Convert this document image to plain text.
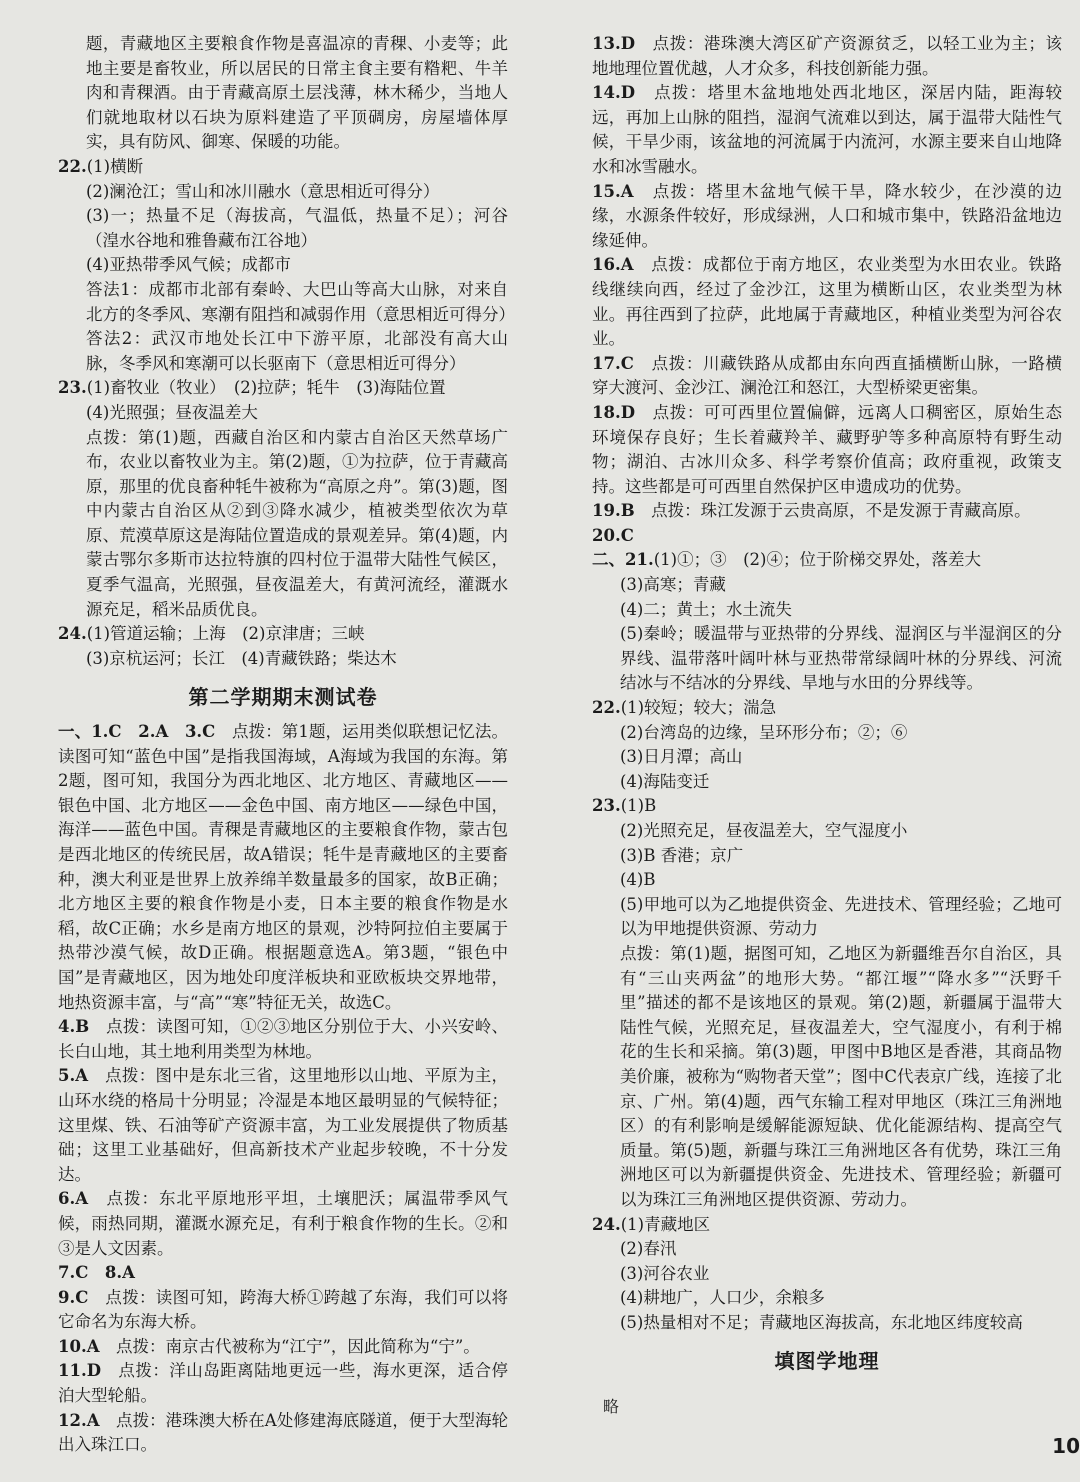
题，青藏地区主要粮食作物是喜温凉的青稞、小麦等；此地主要是畜牧业，所以居民的日常主食主要有糌粑、牛羊肉和青稞酒。由于青藏高原土层浅薄，林木稀少，当地人们就地取材以石块为原料建造了平顶碉房，房屋墙体厚实，具有防风、御寒、保暖的功能。

22.(1)横断

(2)澜沧江；雪山和冰川融水（意思相近可得分）

(3)一；热量不足（海拔高，气温低，热量不足）；河谷（湟水谷地和雅鲁藏布江谷地）

(4)亚热带季风气候；成都市

答法1：成都市北部有秦岭、大巴山等高大山脉，对来自北方的冬季风、寒潮有阻挡和减弱作用（意思相近可得分）

答法2：武汉市地处长江中下游平原，北部没有高大山脉，冬季风和寒潮可以长驱南下（意思相近可得分）

23.(1)畜牧业（牧业）　(2)拉萨；牦牛　(3)海陆位置

(4)光照强；昼夜温差大

点拨：第(1)题，西藏自治区和内蒙古自治区天然草场广布，农业以畜牧业为主。第(2)题，①为拉萨，位于青藏高原，那里的优良畜种牦牛被称为“高原之舟”。第(3)题，图中内蒙古自治区从②到③降水减少，植被类型依次为草原、荒漠草原这是海陆位置造成的景观差异。第(4)题，内蒙古鄂尔多斯市达拉特旗的四村位于温带大陆性气候区，夏季气温高，光照强，昼夜温差大，有黄河流经，灌溉水源充足，稻米品质优良。

24.(1)管道运输；上海　(2)京津唐；三峡

(3)京杭运河；长江　(4)青藏铁路；柴达木

第二学期期末测试卷

一、1.C　2.A　3.C　点拨：第1题，运用类似联想记忆法。读图可知“蓝色中国”是指我国海域，A海域为我国的东海。第2题，图可知，我国分为西北地区、北方地区、青藏地区——银色中国、北方地区——金色中国、南方地区——绿色中国，海洋——蓝色中国。青稞是青藏地区的主要粮食作物，蒙古包是西北地区的传统民居，故A错误；牦牛是青藏地区的主要畜种，澳大利亚是世界上放养绵羊数量最多的国家，故B正确；北方地区主要的粮食作物是小麦，日本主要的粮食作物是水稻，故C正确；水乡是南方地区的景观，沙特阿拉伯主要属于热带沙漠气候，故D正确。根据题意选A。第3题，“银色中国”是青藏地区，因为地处印度洋板块和亚欧板块交界地带，地热资源丰富，与“高”“寒”特征无关，故选C。

4.B　点拨：读图可知，①②③地区分别位于大、小兴安岭、长白山地，其土地利用类型为林地。

5.A　点拨：图中是东北三省，这里地形以山地、平原为主，山环水绕的格局十分明显；冷湿是本地区最明显的气候特征；这里煤、铁、石油等矿产资源丰富，为工业发展提供了物质基础；这里工业基础好，但高新技术产业起步较晚，不十分发达。

6.A　点拨：东北平原地形平坦，土壤肥沃；属温带季风气候，雨热同期，灌溉水源充足，有利于粮食作物的生长。②和③是人文因素。

7.C　8.A

9.C　点拨：读图可知，跨海大桥①跨越了东海，我们可以将它命名为东海大桥。

10.A　点拨：南京古代被称为“江宁”，因此简称为“宁”。

11.D　点拨：洋山岛距离陆地更远一些，海水更深，适合停泊大型轮船。

12.A　点拨：港珠澳大桥在A处修建海底隧道，便于大型海轮出入珠江口。

13.D　点拨：港珠澳大湾区矿产资源贫乏，以轻工业为主；该地地理位置优越，人才众多，科技创新能力强。

14.D　点拨：塔里木盆地地处西北地区，深居内陆，距海较远，再加上山脉的阻挡，湿润气流难以到达，属于温带大陆性气候，干旱少雨，该盆地的河流属于内流河，水源主要来自山地降水和冰雪融水。

15.A　点拨：塔里木盆地气候干旱，降水较少，在沙漠的边缘，水源条件较好，形成绿洲，人口和城市集中，铁路沿盆地边缘延伸。

16.A　点拨：成都位于南方地区，农业类型为水田农业。铁路线继续向西，经过了金沙江，这里为横断山区，农业类型为林业。再往西到了拉萨，此地属于青藏地区，种植业类型为河谷农业。

17.C　点拨：川藏铁路从成都由东向西直插横断山脉，一路横穿大渡河、金沙江、澜沧江和怒江，大型桥梁更密集。

18.D　点拨：可可西里位置偏僻，远离人口稠密区，原始生态环境保存良好；生长着藏羚羊、藏野驴等多种高原特有野生动物；湖泊、古冰川众多、科学考察价值高；政府重视，政策支持。这些都是可可西里自然保护区申遗成功的优势。

19.B　点拨：珠江发源于云贵高原，不是发源于青藏高原。

20.C

二、21.(1)①；③　(2)④；位于阶梯交界处，落差大

(3)高寒；青藏

(4)二；黄土；水土流失

(5)秦岭；暖温带与亚热带的分界线、湿润区与半湿润区的分界线、温带落叶阔叶林与亚热带常绿阔叶林的分界线、河流结冰与不结冰的分界线、旱地与水田的分界线等。

22.(1)较短；较大；湍急

(2)台湾岛的边缘，呈环形分布；②；⑥

(3)日月潭；高山

(4)海陆变迁

23.(1)B

(2)光照充足，昼夜温差大，空气湿度小

(3)B 香港；京广

(4)B

(5)甲地可以为乙地提供资金、先进技术、管理经验；乙地可以为甲地提供资源、劳动力

点拨：第(1)题，据图可知，乙地区为新疆维吾尔自治区，具有“三山夹两盆”的地形大势。“都江堰”“降水多”“沃野千里”描述的都不是该地区的景观。第(2)题，新疆属于温带大陆性气候，光照充足，昼夜温差大，空气湿度小，有利于棉花的生长和采摘。第(3)题，甲图中B地区是香港，其商品物美价廉，被称为“购物者天堂”；图中C代表京广线，连接了北京、广州。第(4)题，西气东输工程对甲地区（珠江三角洲地区）的有利影响是缓解能源短缺、优化能源结构、提高空气质量。第(5)题，新疆与珠江三角洲地区各有优势，珠江三角洲地区可以为新疆提供资金、先进技术、管理经验；新疆可以为珠江三角洲地区提供资源、劳动力。

24.(1)青藏地区

(2)春汛

(3)河谷农业

(4)耕地广，人口少，余粮多

(5)热量相对不足；青藏地区海拔高，东北地区纬度较高

填图学地理
略
10
